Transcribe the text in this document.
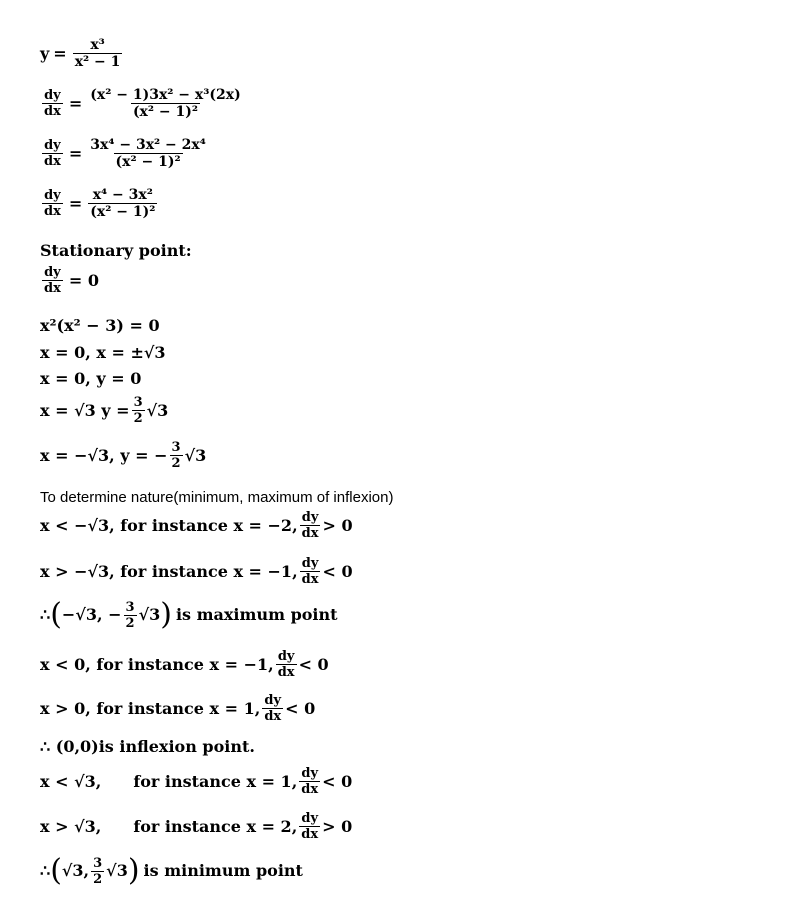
$y = \frac{\text{x³}}{\text{x² − 1}}$
$\frac{dy}{dx} = \frac{\text{(x² − 1)3x² − x³(2x)}}{\text{(x² − 1)²}}$
$\frac{dy}{dx} = \frac{\text{3x⁴ − 3x² − 2x⁴}}{\text{(x² − 1)²}}$
$\frac{dy}{dx} = \frac{\text{x⁴ − 3x²}}{\text{(x² − 1)²}}$
Stationary point:
$\frac{dy}{dx} = 0$
x²(x² − 3) = 0
x = 0, x = ±√3
x = 0, y = 0
x = √3 $y = \frac{3}{2} √3$
x = −√3, y = − $\frac{3}{2} √3$
To determine nature(minimum, maximum of inflexion)
x < −√3, for instance x = −2, $\frac{dy}{dx} > 0$
x > −√3, for instance x = −1, $\frac{dy}{dx} < 0$
∴ ( −√3, − $\frac{3}{2} √3$ ) is maximum point
x < 0, for instance x = −1, $\frac{dy}{dx} < 0$
x > 0, for instance x = 1, $\frac{dy}{dx} < 0$
∴ (0,0)is inflexion point.
x < √3, for instance x = 1, $\frac{dy}{dx} < 0$
x > √3, for instance x = 2, $\frac{dy}{dx} > 0$
∴ ( √3, $\frac{3}{2} √3$ ) is minimum point
